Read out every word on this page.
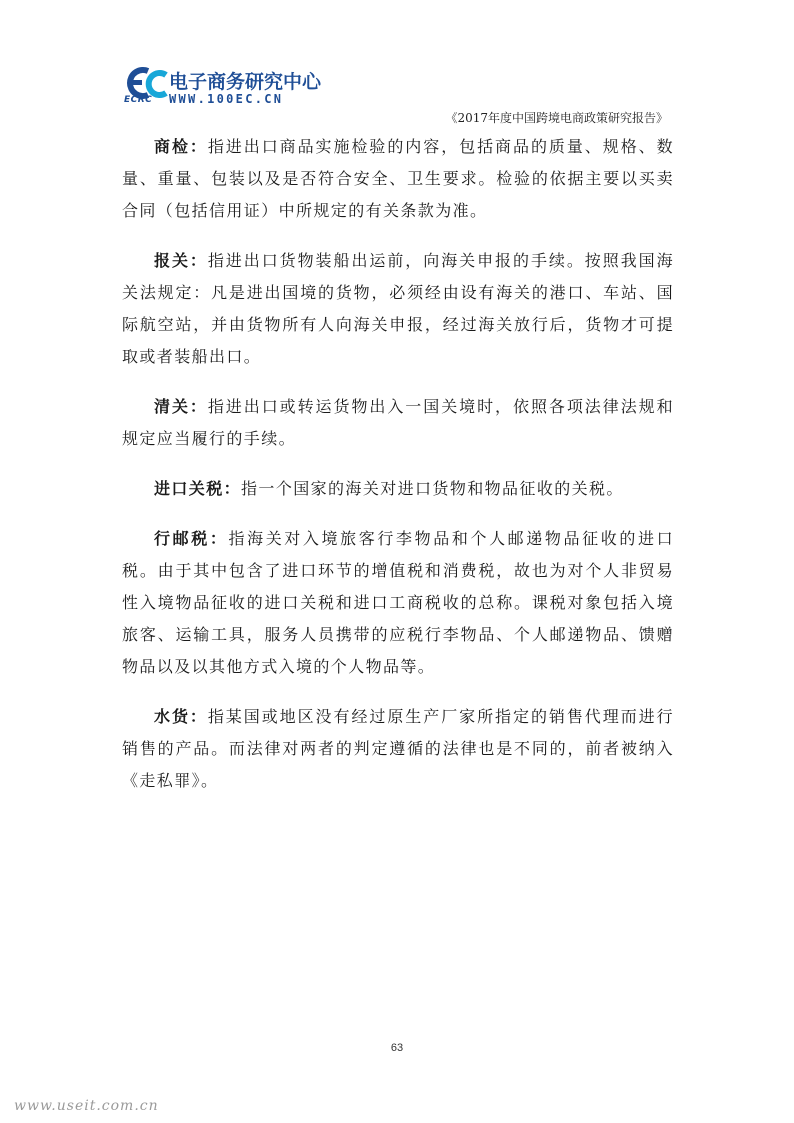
电子商务研究中心
ECRC WWW.100EC.CN
《2017年度中国跨境电商政策研究报告》

商检：指进出口商品实施检验的内容，包括商品的质量、规格、数量、重量、包装以及是否符合安全、卫生要求。检验的依据主要以买卖合同（包括信用证）中所规定的有关条款为准。

报关：指进出口货物装船出运前，向海关申报的手续。按照我国海关法规定：凡是进出国境的货物，必须经由设有海关的港口、车站、国际航空站，并由货物所有人向海关申报，经过海关放行后，货物才可提取或者装船出口。

清关：指进出口或转运货物出入一国关境时，依照各项法律法规和规定应当履行的手续。

进口关税：指一个国家的海关对进口货物和物品征收的关税。

行邮税：指海关对入境旅客行李物品和个人邮递物品征收的进口税。由于其中包含了进口环节的增值税和消费税，故也为对个人非贸易性入境物品征收的进口关税和进口工商税收的总称。课税对象包括入境旅客、运输工具，服务人员携带的应税行李物品、个人邮递物品、馈赠物品以及以其他方式入境的个人物品等。

水货：指某国或地区没有经过原生产厂家所指定的销售代理而进行销售的产品。而法律对两者的判定遵循的法律也是不同的，前者被纳入《走私罪》。

63
www.useit.com.cn
